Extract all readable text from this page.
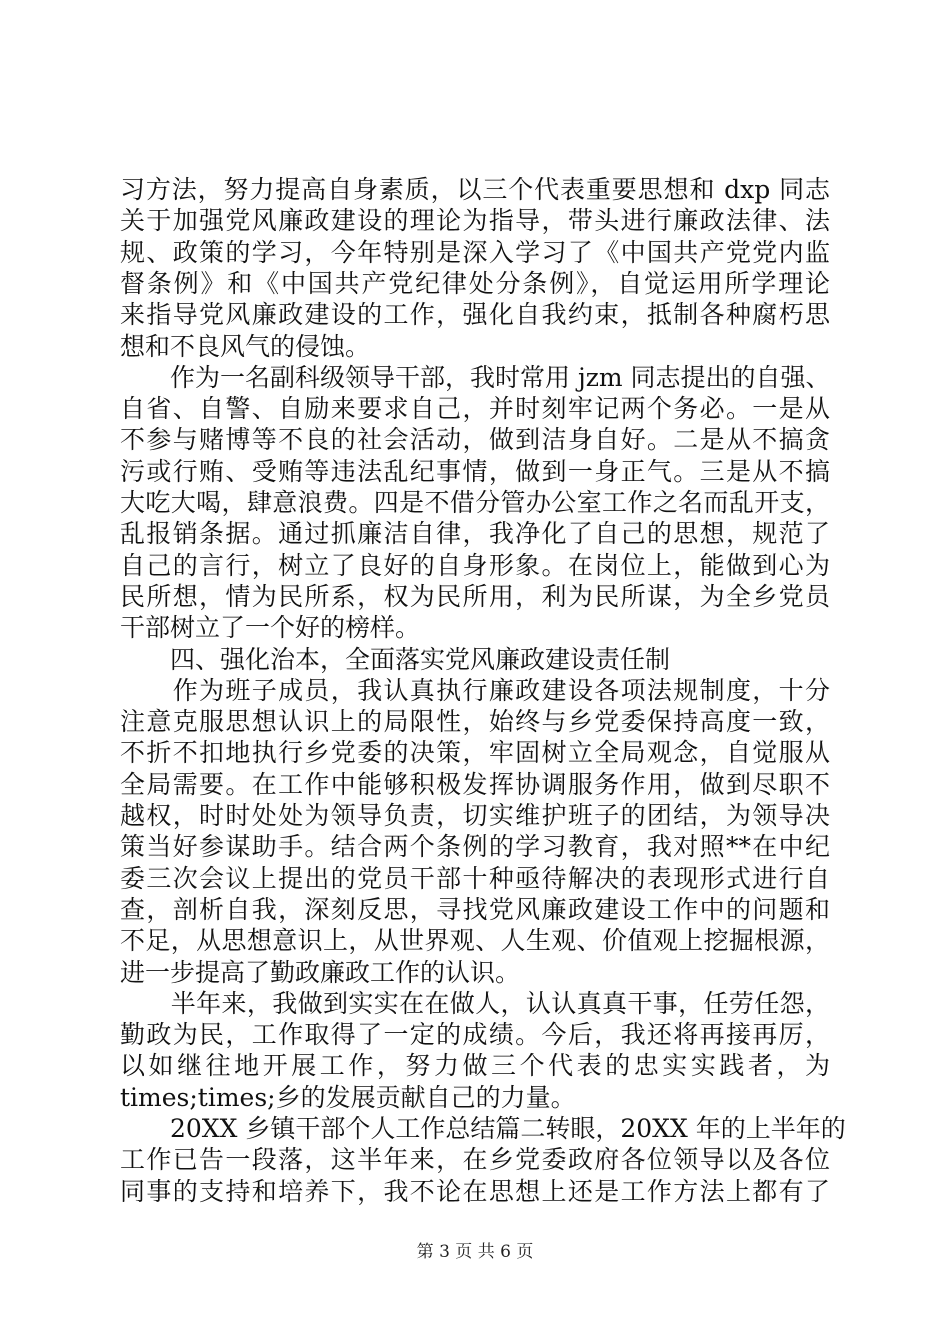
习方法，努力提高自身素质，以三个代表重要思想和 dxp 同志
关于加强党风廉政建设的理论为指导，带头进行廉政法律、法
规、政策的学习，今年特别是深入学习了《中国共产党党内监
督条例》和《中国共产党纪律处分条例》，自觉运用所学理论
来指导党风廉政建设的工作，强化自我约束，抵制各种腐朽思
想和不良风气的侵蚀。
　　作为一名副科级领导干部，我时常用 jzm 同志提出的自强、
自省、自警、自励来要求自己，并时刻牢记两个务必。一是从
不参与赌博等不良的社会活动，做到洁身自好。二是从不搞贪
污或行贿、受贿等违法乱纪事情，做到一身正气。三是从不搞
大吃大喝，肆意浪费。四是不借分管办公室工作之名而乱开支，
乱报销条据。通过抓廉洁自律，我净化了自己的思想，规范了
自己的言行，树立了良好的自身形象。在岗位上，能做到心为
民所想，情为民所系，权为民所用，利为民所谋，为全乡党员
干部树立了一个好的榜样。
　　四、强化治本，全面落实党风廉政建设责任制
　　作为班子成员，我认真执行廉政建设各项法规制度，十分
注意克服思想认识上的局限性，始终与乡党委保持高度一致，
不折不扣地执行乡党委的决策，牢固树立全局观念，自觉服从
全局需要。在工作中能够积极发挥协调服务作用，做到尽职不
越权，时时处处为领导负责，切实维护班子的团结，为领导决
策当好参谋助手。结合两个条例的学习教育，我对照**在中纪
委三次会议上提出的党员干部十种亟待解决的表现形式进行自
查，剖析自我，深刻反思，寻找党风廉政建设工作中的问题和
不足，从思想意识上，从世界观、人生观、价值观上挖掘根源，
进一步提高了勤政廉政工作的认识。
　　半年来，我做到实实在在做人，认认真真干事，任劳任怨，
勤政为民，工作取得了一定的成绩。今后，我还将再接再厉，
以如继往地开展工作，努力做三个代表的忠实实践者，为
times;times;乡的发展贡献自己的力量。
　　20XX 乡镇干部个人工作总结篇二转眼，20XX 年的上半年的
工作已告一段落，这半年来，在乡党委政府各位领导以及各位
同事的支持和培养下，我不论在思想上还是工作方法上都有了
第 3 页 共 6 页
